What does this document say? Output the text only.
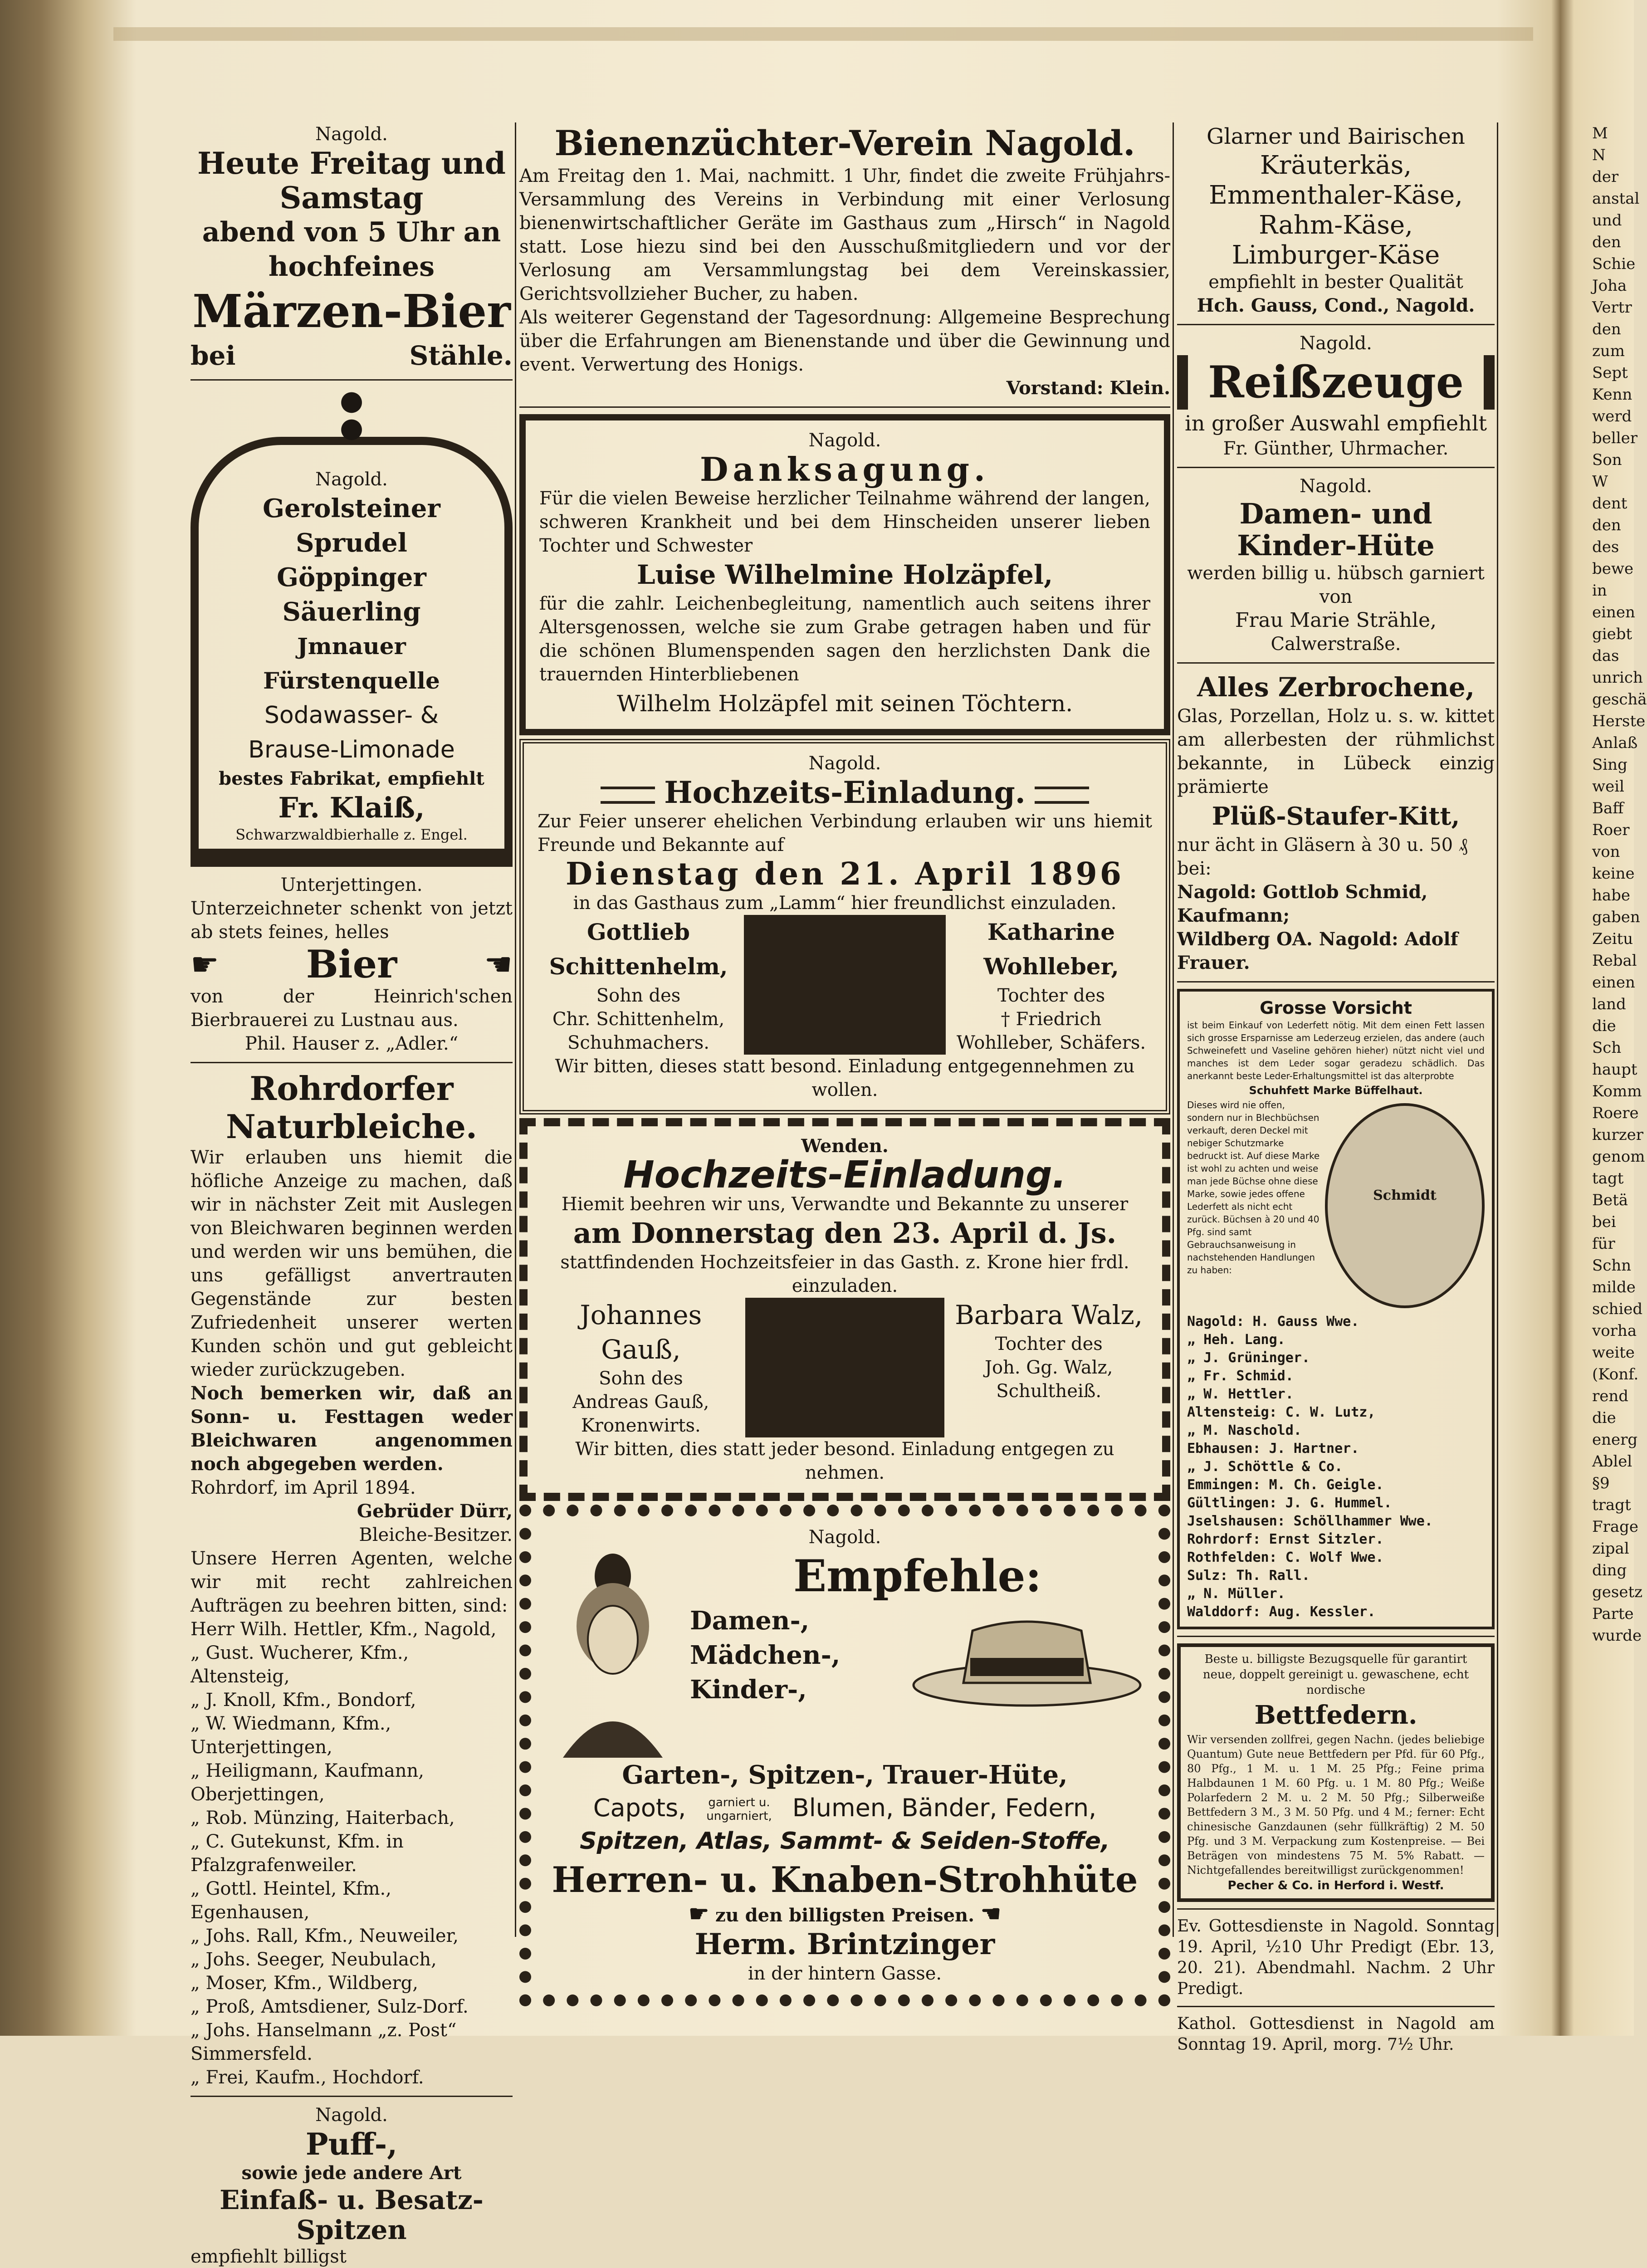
Nagold.
Heute Freitag und
Samstag
abend von 5 Uhr an
hochfeines
Märzen-Bier
bei	Stähle.
●
●
Nagold.
Gerolsteiner Sprudel
Göppinger Säuerling
Jmnauer Fürstenquelle
Sodawasser- &
Brause-Limonade
bestes Fabrikat, empfiehlt
Fr. Klaiß,
Schwarzwaldbierhalle z. Engel.
Unterjettingen.
Unterzeichneter schenkt von jetzt ab stets feines, helles
☛ Bier	☚
von der Heinrich'schen Bierbrauerei zu Lustnau aus.
Phil. Hauser z. „Adler.“
Rohrdorfer
Naturbleiche.
Wir erlauben uns hiemit die höfliche Anzeige zu machen, daß wir in nächster Zeit mit Auslegen von Bleichwaren beginnen werden und werden wir uns bemühen, die uns gefälligst anvertrauten Gegenstände zur besten Zufriedenheit unserer werten Kunden schön und gut gebleicht wieder zurückzugeben.
Noch bemerken wir, daß an Sonn- u. Festtagen weder Bleichwaren angenommen noch abgegeben werden.
Rohrdorf, im April 1894.
Gebrüder Dürr,
Bleiche-Besitzer.
Unsere Herren Agenten, welche wir mit recht zahlreichen Aufträgen zu beehren bitten, sind:
Herr Wilh. Hettler, Kfm., Nagold,
„ Gust. Wucherer, Kfm., Altensteig,
„ J. Knoll, Kfm., Bondorf,
„ W. Wiedmann, Kfm., Unterjettingen,
„ Heiligmann, Kaufmann, Oberjettingen,
„ Rob. Münzing, Haiterbach,
„ C. Gutekunst, Kfm. in Pfalzgrafenweiler.
„ Gottl. Heintel, Kfm., Egenhausen,
„ Johs. Rall, Kfm., Neuweiler,
„ Johs. Seeger, Neubulach,
„ Moser, Kfm., Wildberg,
„ Proß, Amtsdiener, Sulz-Dorf.
„ Johs. Hanselmann „z. Post“ Simmersfeld.
„ Frei, Kaufm., Hochdorf.
Nagold.
Puff-,
sowie jede andere Art
Einfaß- u. Besatz-Spitzen
empfiehlt billigst
Bienenzüchter-Verein Nagold.
Am Freitag den 1. Mai, nachmitt. 1 Uhr, findet die zweite Frühjahrs-Versammlung des Vereins in Verbindung mit einer Verlosung bienenwirtschaftlicher Geräte im Gasthaus zum „Hirsch“ in Nagold statt. Lose hiezu sind bei den Ausschußmitgliedern und vor der Verlosung am Versammlungstag bei dem Vereinskassier, Gerichtsvollzieher Bucher, zu haben.
Als weiterer Gegenstand der Tagesordnung: Allgemeine Besprechung über die Erfahrungen am Bienenstande und über die Gewinnung und event. Verwertung des Honigs.
Vorstand: Klein.
Nagold.
Danksagung.
Für die vielen Beweise herzlicher Teilnahme während der langen, schweren Krankheit und bei dem Hinscheiden unserer lieben Tochter und Schwester
Luise Wilhelmine Holzäpfel,
für die zahlr. Leichenbegleitung, namentlich auch seitens ihrer Altersgenossen, welche sie zum Grabe getragen haben und für die schönen Blumenspenden sagen den herzlichsten Dank die trauernden Hinterbliebenen
Wilhelm Holzäpfel mit seinen Töchtern.
Nagold.
Hochzeits-Einladung.
Zur Feier unserer ehelichen Verbindung erlauben wir uns hiemit Freunde und Bekannte auf
Dienstag den 21. April 1896
in das Gasthaus zum „Lamm“ hier freundlichst einzuladen.
Gottlieb Schittenhelm,
Sohn des
Chr. Schittenhelm, Schuhmachers.
Katharine Wohlleber,
Tochter des
† Friedrich Wohlleber, Schäfers.
Wir bitten, dieses statt besond. Einladung entgegennehmen zu wollen.
Wenden.
Hochzeits-Einladung.
Hiemit beehren wir uns, Verwandte und Bekannte zu unserer
am Donnerstag den 23. April d. Js.
stattfindenden Hochzeitsfeier in das Gasth. z. Krone hier frdl. einzuladen.
Johannes Gauß,
Sohn des
Andreas Gauß, Kronenwirts.
Barbara Walz,
Tochter des
Joh. Gg. Walz, Schultheiß.
Wir bitten, dies statt jeder besond. Einladung entgegen zu nehmen.
Nagold.
Empfehle:
Damen-,
Mädchen-,
Kinder-,
Garten-, Spitzen-, Trauer-Hüte,
Capots, garniert u. ungarniert, Blumen, Bänder, Federn,
Spitzen, Atlas, Sammt- & Seiden-Stoffe,
Herren- u. Knaben-Strohhüte
☛ zu den billigsten Preisen. ☚
Herm. Brintzinger
in der hintern Gasse.
Glarner und Bairischen
Kräuterkäs,
Emmenthaler-Käse,
Rahm-Käse,
Limburger-Käse
empfiehlt in bester Qualität
Hch. Gauss, Cond., Nagold.
Nagold.
Reißzeuge
in großer Auswahl empfiehlt
Fr. Günther, Uhrmacher.
Nagold.
Damen- und
Kinder-Hüte
werden billig u. hübsch garniert von
Frau Marie Strähle,
Calwerstraße.
Alles Zerbrochene,
Glas, Porzellan, Holz u. s. w. kittet am allerbesten der rühmlichst bekannte, in Lübeck einzig prämierte
Plüß-Staufer-Kitt,
nur ächt in Gläsern à 30 u. 50 ₰ bei:
Nagold: Gottlob Schmid, Kaufmann;
Wildberg OA. Nagold: Adolf Frauer.
Grosse Vorsicht
ist beim Einkauf von Lederfett nötig. Mit dem einen Fett lassen sich grosse Ersparnisse am Lederzeug erzielen, das andere (auch Schweinefett und Vaseline gehören hieher) nützt nicht viel und manches ist dem Leder sogar geradezu schädlich. Das anerkannt beste Leder-Erhaltungsmittel ist das alterprobte
Schuhfett Marke Büffelhaut.
Schmidt
Dieses wird nie offen, sondern nur in Blechbüchsen verkauft, deren Deckel mit nebiger Schutzmarke bedruckt ist. Auf diese Marke ist wohl zu achten und weise man jede Büchse ohne diese Marke, sowie jedes offene Lederfett als nicht echt zurück. Büchsen à 20 und 40 Pfg. sind samt Gebrauchsanweisung in nachstehenden Handlungen zu haben:
Nagold: H. Gauss Wwe.
„ Heh. Lang.
„ J. Grüninger.
„ Fr. Schmid.
„ W. Hettler.
Altensteig: C. W. Lutz,
„ M. Naschold.
Ebhausen: J. Hartner.
„ J. Schöttle & Co.
Emmingen: M. Ch. Geigle.
Gültlingen: J. G. Hummel.
Jselshausen: Schöllhammer Wwe.
Rohrdorf: Ernst Sitzler.
Rothfelden: C. Wolf Wwe.
Sulz: Th. Rall.
„ N. Müller.
Walddorf: Aug. Kessler.
Beste u. billigste Bezugsquelle für garantirt neue, doppelt gereinigt u. gewaschene, echt nordische
Bettfedern.
Wir versenden zollfrei, gegen Nachn. (jedes beliebige Quantum) Gute neue Bettfedern per Pfd. für 60 Pfg., 80 Pfg., 1 M. u. 1 M. 25 Pfg.; Feine prima Halbdaunen 1 M. 60 Pfg. u. 1 M. 80 Pfg.; Weiße Polarfedern 2 M. u. 2 M. 50 Pfg.; Silberweiße Bettfedern 3 M., 3 M. 50 Pfg. und 4 M.; ferner: Echt chinesische Ganzdaunen (sehr füllkräftig) 2 M. 50 Pfg. und 3 M. Verpackung zum Kostenpreise. — Bei Beträgen von mindestens 75 M. 5% Rabatt. — Nichtgefallendes bereitwilligst zurückgenommen!
Pecher & Co. in Herford i. Westf.
Ev. Gottesdienste in Nagold. Sonntag 19. April, ½10 Uhr Predigt (Ebr. 13, 20. 21). Abendmahl. Nachm. 2 Uhr Predigt.
Kathol. Gottesdienst in Nagold am Sonntag 19. April, morg. 7½ Uhr.
M
N
der
anstal
und
den
Schie
Joha
Vertr
den
zum
Sept
Kenn
werd
beller
Son
W
dent
den
des
bewe
in
einen
giebt
das
unrich
geschä
Herste
Anlaß
Sing
weil
Baff
Roer
von
keine
habe
gaben
Zeitu
Rebal
einen
land
die
Sch
haupt
Komm
Roere
kurzer
genom
tagt
Betä
bei
für
Schn
milde
schied
vorha
weite
(Konf.
rend
die
energ
Ablel
§9
tragt
Frage
zipal
ding
gesetz
Parte
wurde
